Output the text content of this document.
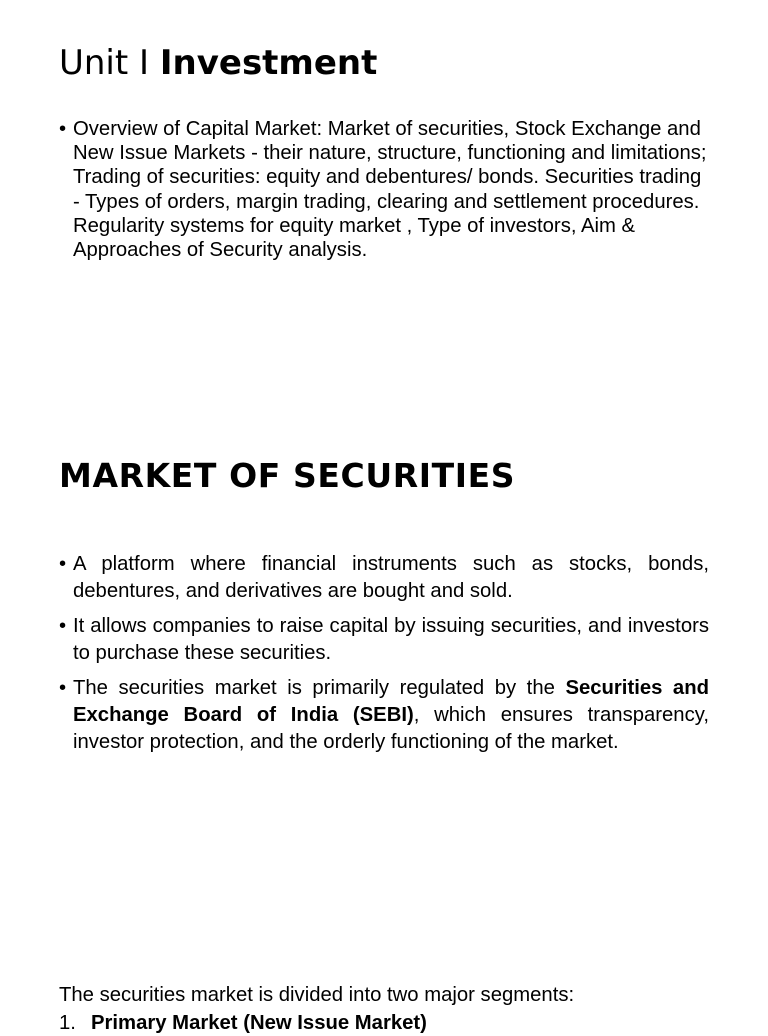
Unit I Investment
• Overview of Capital Market: Market of securities, Stock Exchange and New Issue Markets - their nature, structure, functioning and limitations; Trading of securities: equity and debentures/ bonds. Securities trading - Types of orders, margin trading, clearing and settlement procedures. Regularity systems for equity market , Type of investors, Aim & Approaches of Security analysis.
MARKET OF SECURITIES
• A platform where financial instruments such as stocks, bonds, debentures, and derivatives are bought and sold.
• It allows companies to raise capital by issuing securities, and investors to purchase these securities.
• The securities market is primarily regulated by the Securities and Exchange Board of India (SEBI), which ensures transparency, investor protection, and the orderly functioning of the market.

The securities market is divided into two major segments:

1. Primary Market (New Issue Market)
